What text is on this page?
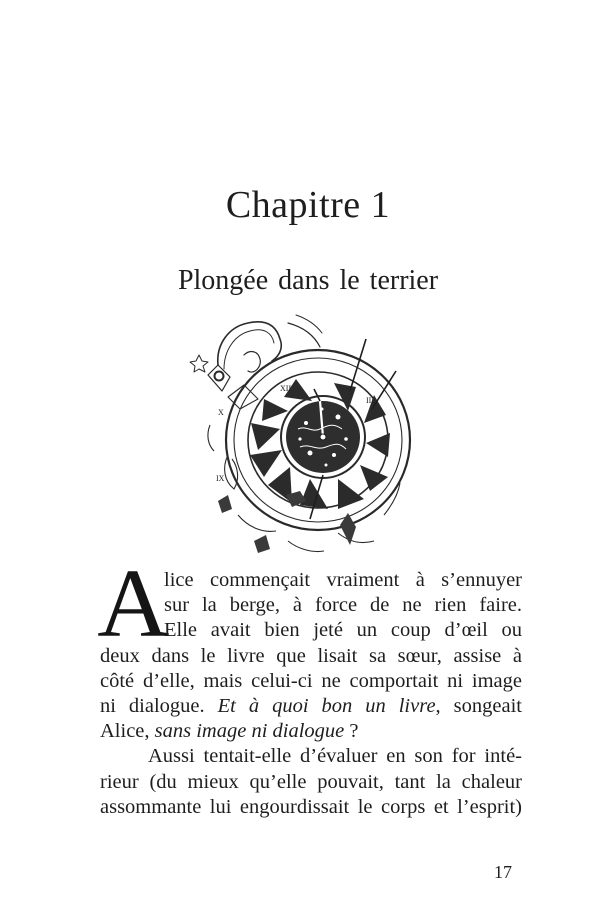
Chapitre 1
Plongée dans le terrier
XII
X
IX
III
A
lice commençait vraiment à s’ennuyer
sur la berge, à force de ne rien faire.
Elle avait bien jeté un coup d’œil ou
deux dans le livre que lisait sa sœur, assise à
côté d’elle, mais celui-ci ne comportait ni image
ni dialogue. Et à quoi bon un livre, songeait
Alice, sans image ni dialogue ?
Aussi tentait-elle d’évaluer en son for inté-
rieur (du mieux qu’elle pouvait, tant la chaleur
assommante lui engourdissait le corps et l’esprit)
17
